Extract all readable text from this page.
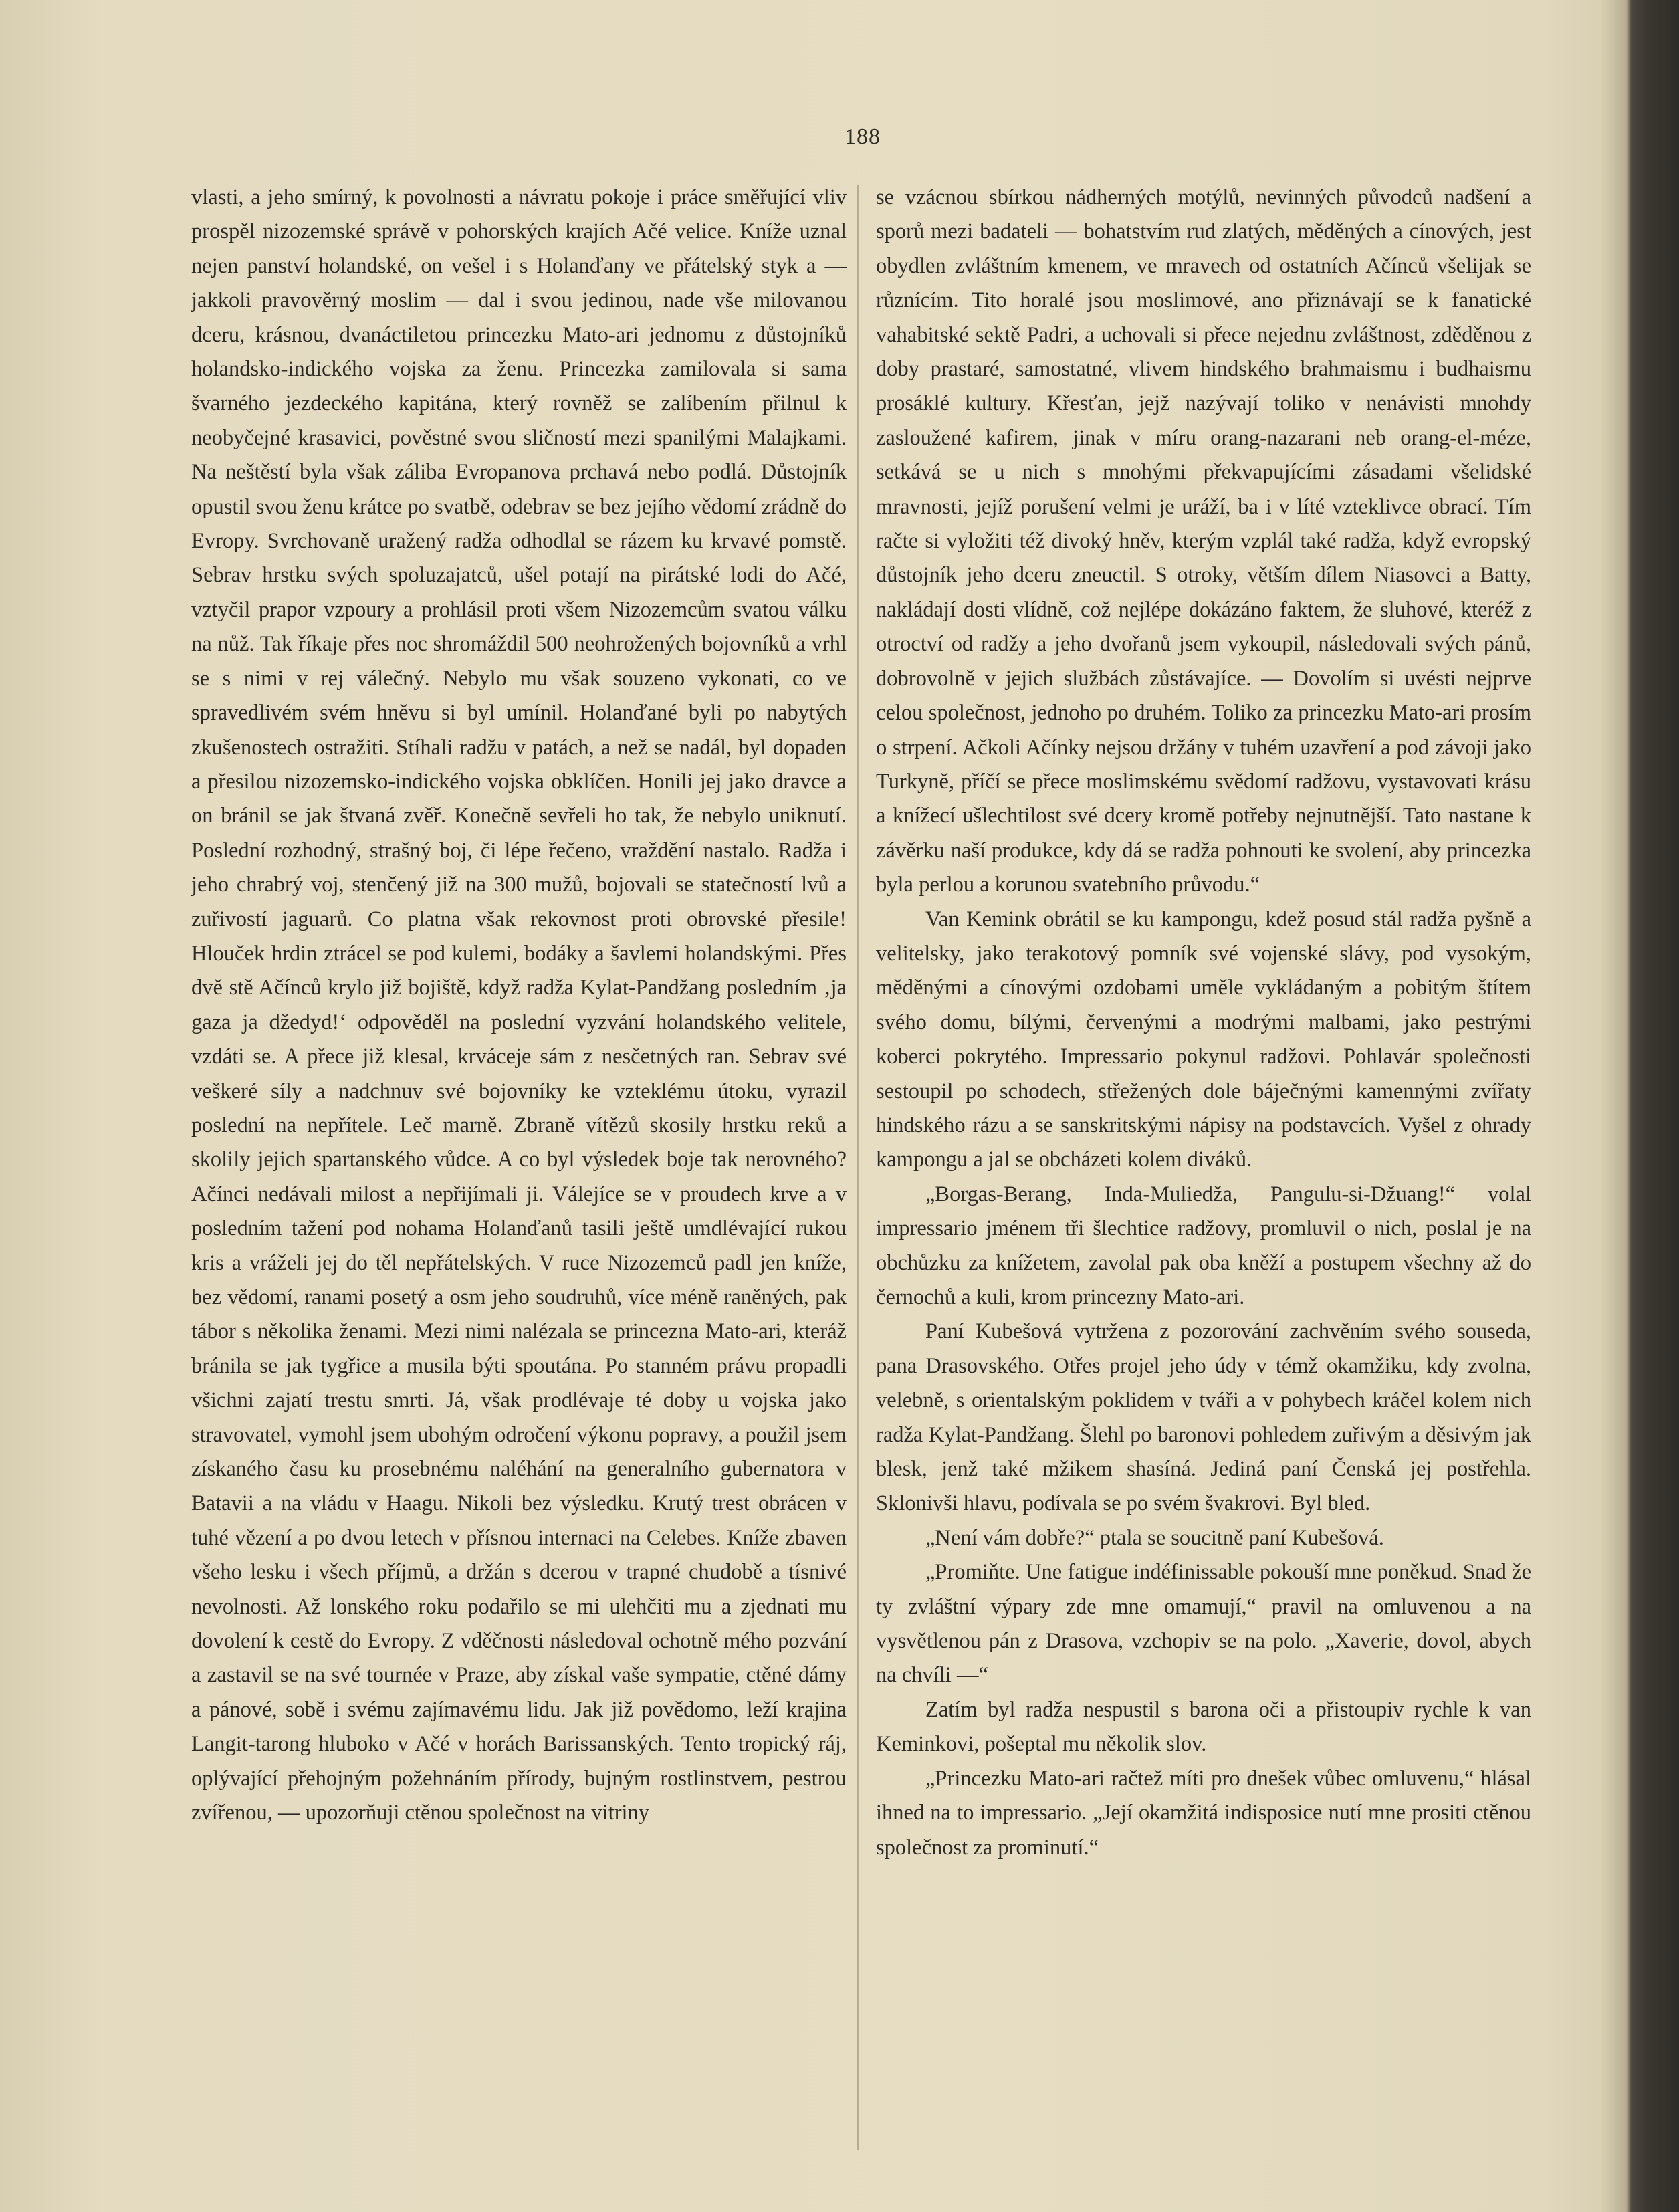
188

vlasti, a jeho smírný, k povolnosti a návratu pokoje i práce směřující vliv prospěl nizozemské správě v pohorských krajích Ačé velice. Kníže uznal nejen panství holandské, on vešel i s Holanďany ve přátelský styk a — jakkoli pravověrný moslim — dal i svou jedinou, nade vše milovanou dceru, krásnou, dvanáctiletou princezku Mato-ari jednomu z důstojníků holandsko-indického vojska za ženu. Princezka zamilovala si sama švarného jezdeckého kapitána, který rovněž se zalíbením přilnul k neobyčejné krasavici, pověstné svou sličností mezi spanilými Malajkami. Na neštěstí byla však záliba Evropanova prchavá nebo podlá. Důstojník opustil svou ženu krátce po svatbě, odebrav se bez jejího vědomí zrádně do Evropy. Svrchovaně uražený radža odhodlal se rázem ku krvavé pomstě. Sebrav hrstku svých spoluzajatců, ušel potají na pirátské lodi do Ačé, vztyčil prapor vzpoury a prohlásil proti všem Nizozemcům svatou válku na nůž. Tak říkaje přes noc shromáždil 500 neohrožených bojovníků a vrhl se s nimi v rej válečný. Nebylo mu však souzeno vykonati, co ve spravedlivém svém hněvu si byl umínil. Holanďané byli po nabytých zkušenostech ostražiti. Stíhali radžu v patách, a než se nadál, byl dopaden a přesilou nizozemsko-indického vojska obklíčen. Honili jej jako dravce a on bránil se jak štvaná zvěř. Konečně sevřeli ho tak, že nebylo uniknutí. Poslední rozhodný, strašný boj, či lépe řečeno, vraždění nastalo. Radža i jeho chrabrý voj, stenčený již na 300 mužů, bojovali se statečností lvů a zuřivostí jaguarů. Co platna však rekovnost proti obrovské přesile! Hlouček hrdin ztrácel se pod kulemi, bodáky a šavlemi holandskými. Přes dvě stě Ačínců krylo již bojiště, když radža Kylat-Pandžang posledním ‚ja gaza ja džedyd!‘ odpověděl na poslední vyzvání holandského velitele, vzdáti se. A přece již klesal, krváceje sám z nesčetných ran. Sebrav své veškeré síly a nadchnuv své bojovníky ke vzteklému útoku, vyrazil poslední na nepřítele. Leč marně. Zbraně vítězů skosily hrstku reků a skolily jejich spartanského vůdce. A co byl výsledek boje tak nerovného? Ačínci nedávali milost a nepřijímali ji. Válejíce se v proudech krve a v posledním tažení pod nohama Holanďanů tasili ještě umdlévající rukou kris a vráželi jej do těl nepřátelských. V ruce Nizozemců padl jen kníže, bez vědomí, ranami posetý a osm jeho soudruhů, více méně raněných, pak tábor s několika ženami. Mezi nimi nalézala se princezna Mato-ari, kteráž bránila se jak tygřice a musila býti spoutána. Po stanném právu propadli všichni zajatí trestu smrti. Já, však prodlévaje té doby u vojska jako stravovatel, vymohl jsem ubohým odročení výkonu popravy, a použil jsem získaného času ku prosebnému naléhání na generalního gubernatora v Batavii a na vládu v Haagu. Nikoli bez výsledku. Krutý trest obrácen v tuhé vězení a po dvou letech v přísnou internaci na Celebes. Kníže zbaven všeho lesku i všech příjmů, a držán s dcerou v trapné chudobě a tísnivé nevolnosti. Až lonského roku podařilo se mi ulehčiti mu a zjednati mu dovolení k cestě do Evropy. Z vděčnosti následoval ochotně mého pozvání a zastavil se na své tournée v Praze, aby získal vaše sympatie, ctěné dámy a pánové, sobě i svému zajímavému lidu. Jak již povědomo, leží krajina Langit-tarong hluboko v Ačé v horách Barissanských. Tento tropický ráj, oplývající přehojným požehnáním přírody, bujným rostlinstvem, pestrou zvířenou, — upozorňuji ctěnou společnost na vitriny

se vzácnou sbírkou nádherných motýlů, nevinných původců nadšení a sporů mezi badateli — bohatstvím rud zlatých, měděných a cínových, jest obydlen zvláštním kmenem, ve mravech od ostatních Ačínců všelijak se různícím. Tito horalé jsou moslimové, ano přiznávají se k fanatické vahabitské sektě Padri, a uchovali si přece nejednu zvláštnost, zděděnou z doby prastaré, samostatné, vlivem hindského brahmaismu i budhaismu prosáklé kultury. Křesťan, jejž nazývají toliko v nenávisti mnohdy zasloužené kafirem, jinak v míru orang-nazarani neb orang-el-méze, setkává se u nich s mnohými překvapujícími zásadami všelidské mravnosti, jejíž porušení velmi je uráží, ba i v líté vzteklivce obrací. Tím račte si vyložiti též divoký hněv, kterým vzplál také radža, když evropský důstojník jeho dceru zneuctil. S otroky, větším dílem Niasovci a Batty, nakládají dosti vlídně, což nejlépe dokázáno faktem, že sluhové, kteréž z otroctví od radžy a jeho dvořanů jsem vykoupil, následovali svých pánů, dobrovolně v jejich službách zůstávajíce. — Dovolím si uvésti nejprve celou společnost, jednoho po druhém. Toliko za princezku Mato-ari prosím o strpení. Ačkoli Ačínky nejsou držány v tuhém uzavření a pod závoji jako Turkyně, příčí se přece moslimskému svědomí radžovu, vystavovati krásu a knížecí ušlechtilost své dcery kromě potřeby nejnutnější. Tato nastane k závěrku naší produkce, kdy dá se radža pohnouti ke svolení, aby princezka byla perlou a korunou svatebního průvodu.“

Van Kemink obrátil se ku kampongu, kdež posud stál radža pyšně a velitelsky, jako terakotový pomník své vojenské slávy, pod vysokým, měděnými a cínovými ozdobami uměle vykládaným a pobitým štítem svého domu, bílými, červenými a modrými malbami, jako pestrými koberci pokrytého. Impressario pokynul radžovi. Pohlavár společnosti sestoupil po schodech, střežených dole báječnými kamennými zvířaty hindského rázu a se sanskritskými nápisy na podstavcích. Vyšel z ohrady kampongu a jal se obcházeti kolem diváků.

„Borgas-Berang, Inda-Muliedža, Pangulu-si-Džuang!“ volal impressario jménem tři šlechtice radžovy, promluvil o nich, poslal je na obchůzku za knížetem, zavolal pak oba kněží a postupem všechny až do černochů a kuli, krom princezny Mato-ari.

Paní Kubešová vytržena z pozorování zachvěním svého souseda, pana Drasovského. Otřes projel jeho údy v témž okamžiku, kdy zvolna, velebně, s orientalským poklidem v tváři a v pohybech kráčel kolem nich radža Kylat-Pandžang. Šlehl po baronovi pohledem zuřivým a děsivým jak blesk, jenž také mžikem shasíná. Jediná paní Čenská jej postřehla. Sklonivši hlavu, podívala se po svém švakrovi. Byl bled.

„Není vám dobře?“ ptala se soucitně paní Kubešová.

„Promiňte. Une fatigue indéfinissable pokouší mne poněkud. Snad že ty zvláštní výpary zde mne omamují,“ pravil na omluvenou a na vysvětlenou pán z Drasova, vzchopiv se na polo. „Xaverie, dovol, abych na chvíli —“

Zatím byl radža nespustil s barona oči a přistoupiv rychle k van Keminkovi, pošeptal mu několik slov.

„Princezku Mato-ari račtež míti pro dnešek vůbec omluvenu,“ hlásal ihned na to impressario. „Její okamžitá indisposice nutí mne prositi ctěnou společnost za prominutí.“
